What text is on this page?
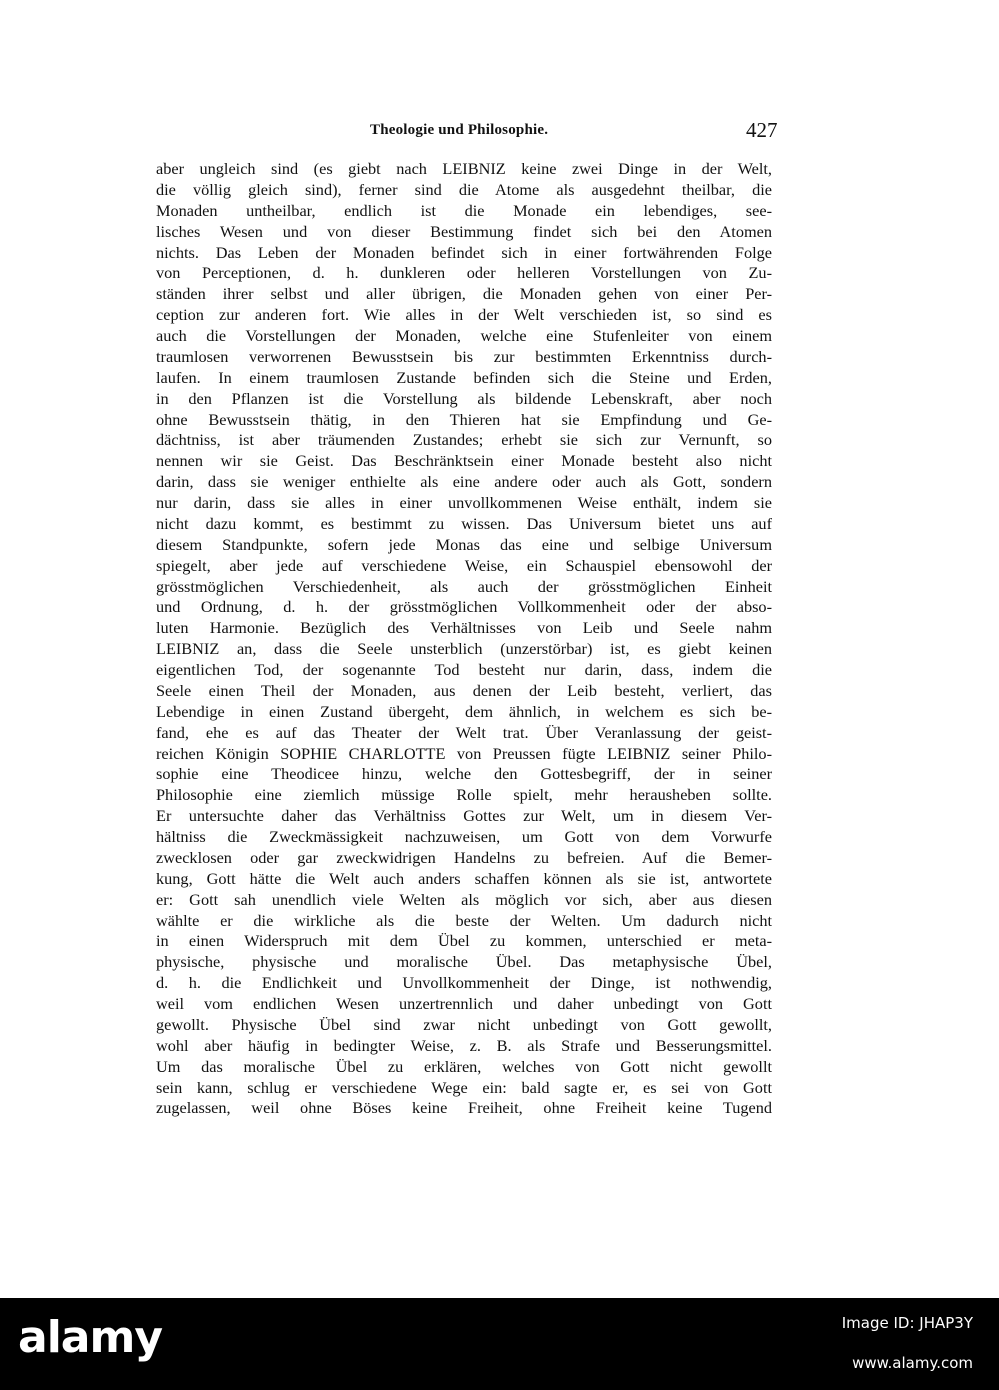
Theologie und Philosophie.	427
aber ungleich sind (es giebt nach LEIBNIZ keine zwei Dinge in der Welt,
die völlig gleich sind), ferner sind die Atome als ausgedehnt theilbar, die
Monaden untheilbar, endlich ist die Monade ein lebendiges, see-
lisches Wesen und von dieser Bestimmung findet sich bei den Atomen
nichts. Das Leben der Monaden befindet sich in einer fortwährenden Folge
von Perceptionen, d. h. dunkleren oder helleren Vorstellungen von Zu-
ständen ihrer selbst und aller übrigen, die Monaden gehen von einer Per-
ception zur anderen fort. Wie alles in der Welt verschieden ist, so sind es
auch die Vorstellungen der Monaden, welche eine Stufenleiter von einem
traumlosen verworrenen Bewusstsein bis zur bestimmten Erkenntniss durch-
laufen. In einem traumlosen Zustande befinden sich die Steine und Erden,
in den Pflanzen ist die Vorstellung als bildende Lebenskraft, aber noch
ohne Bewusstsein thätig, in den Thieren hat sie Empfindung und Ge-
dächtniss, ist aber träumenden Zustandes; erhebt sie sich zur Vernunft, so
nennen wir sie Geist. Das Beschränktsein einer Monade besteht also nicht
darin, dass sie weniger enthielte als eine andere oder auch als Gott, sondern
nur darin, dass sie alles in einer unvollkommenen Weise enthält, indem sie
nicht dazu kommt, es bestimmt zu wissen. Das Universum bietet uns auf
diesem Standpunkte, sofern jede Monas das eine und selbige Universum
spiegelt, aber jede auf verschiedene Weise, ein Schauspiel ebensowohl der
grösstmöglichen Verschiedenheit, als auch der grösstmöglichen Einheit
und Ordnung, d. h. der grösstmöglichen Vollkommenheit oder der abso-
luten Harmonie. Bezüglich des Verhältnisses von Leib und Seele nahm
LEIBNIZ an, dass die Seele unsterblich (unzerstörbar) ist, es giebt keinen
eigentlichen Tod, der sogenannte Tod besteht nur darin, dass, indem die
Seele einen Theil der Monaden, aus denen der Leib besteht, verliert, das
Lebendige in einen Zustand übergeht, dem ähnlich, in welchem es sich be-
fand, ehe es auf das Theater der Welt trat. Über Veranlassung der geist-
reichen Königin SOPHIE CHARLOTTE von Preussen fügte LEIBNIZ seiner Philo-
sophie eine Theodicee hinzu, welche den Gottesbegriff, der in seiner
Philosophie eine ziemlich müssige Rolle spielt, mehr herausheben sollte.
Er untersuchte daher das Verhältniss Gottes zur Welt, um in diesem Ver-
hältniss die Zweckmässigkeit nachzuweisen, um Gott von dem Vorwurfe
zwecklosen oder gar zweckwidrigen Handelns zu befreien. Auf die Bemer-
kung, Gott hätte die Welt auch anders schaffen können als sie ist, antwortete
er: Gott sah unendlich viele Welten als möglich vor sich, aber aus diesen
wählte er die wirkliche als die beste der Welten. Um dadurch nicht
in einen Widerspruch mit dem Übel zu kommen, unterschied er meta-
physische, physische und moralische Übel. Das metaphysische Übel,
d. h. die Endlichkeit und Unvollkommenheit der Dinge, ist nothwendig,
weil vom endlichen Wesen unzertrennlich und daher unbedingt von Gott
gewollt. Physische Übel sind zwar nicht unbedingt von Gott gewollt,
wohl aber häufig in bedingter Weise, z. B. als Strafe und Besserungsmittel.
Um das moralische Übel zu erklären, welches von Gott nicht gewollt
sein kann, schlug er verschiedene Wege ein: bald sagte er, es sei von Gott
zugelassen, weil ohne Böses keine Freiheit, ohne Freiheit keine Tugend
alamy	Image ID: JHAP3Y
www.alamy.com
